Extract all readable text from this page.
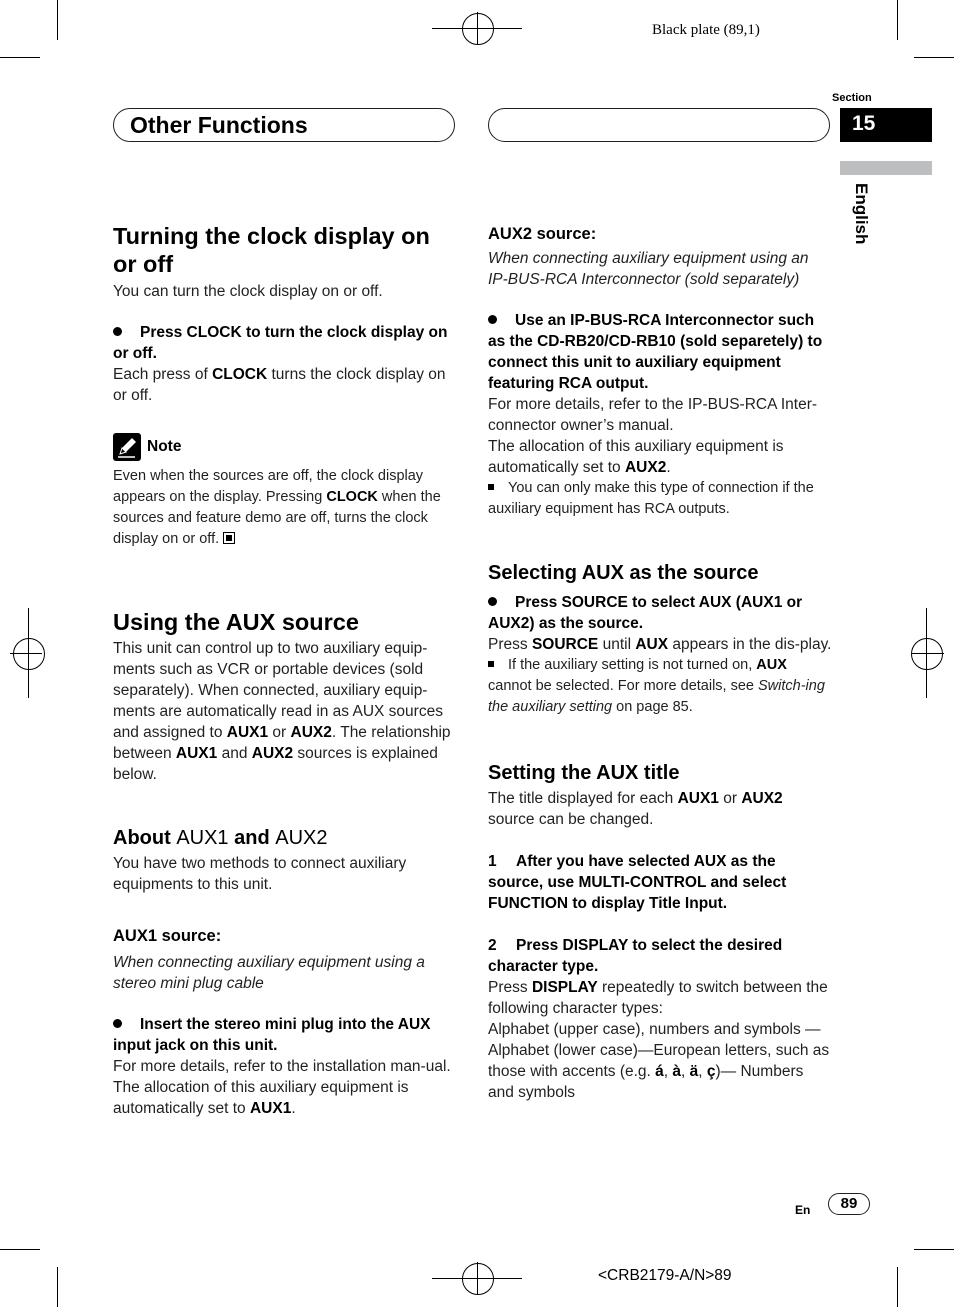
Black plate (89,1)
Other Functions
Section
15
English
Turning the clock display on or off

You can turn the clock display on or off.

Press CLOCK to turn the clock display on or off.

Each press of CLOCK turns the clock display on or off.

Note

Even when the sources are off, the clock display appears on the display. Pressing CLOCK when the sources and feature demo are off, turns the clock display on or off.

Using the AUX source

This unit can control up to two auxiliary equip-ments such as VCR or portable devices (sold separately). When connected, auxiliary equip-ments are automatically read in as AUX sources and assigned to AUX1 or AUX2. The relationship between AUX1 and AUX2 sources is explained below.

About AUX1 and AUX2

You have two methods to connect auxiliary equipments to this unit.

AUX1 source:

When connecting auxiliary equipment using a stereo mini plug cable

Insert the stereo mini plug into the AUX input jack on this unit.

For more details, refer to the installation man-ual.

The allocation of this auxiliary equipment is automatically set to AUX1.

AUX2 source:

When connecting auxiliary equipment using an IP-BUS-RCA Interconnector (sold separately)

Use an IP-BUS-RCA Interconnector such as the CD-RB20/CD-RB10 (sold separetely) to connect this unit to auxiliary equipment featuring RCA output.

For more details, refer to the IP-BUS-RCA Inter-connector owner’s manual.

The allocation of this auxiliary equipment is automatically set to AUX2.

You can only make this type of connection if the auxiliary equipment has RCA outputs.

Selecting AUX as the source

Press SOURCE to select AUX (AUX1 or AUX2) as the source.

Press SOURCE until AUX appears in the dis-play.

If the auxiliary setting is not turned on, AUX cannot be selected. For more details, see Switch-ing the auxiliary setting on page 85.

Setting the AUX title

The title displayed for each AUX1 or AUX2 source can be changed.

1 After you have selected AUX as the source, use MULTI-CONTROL and select FUNCTION to display Title Input.

2 Press DISPLAY to select the desired character type.

Press DISPLAY repeatedly to switch between the following character types:

Alphabet (upper case), numbers and symbols —Alphabet (lower case)—European letters, such as those with accents (e.g. á, à, ä, ç)— Numbers and symbols

En	89
<CRB2179-A/N>89
